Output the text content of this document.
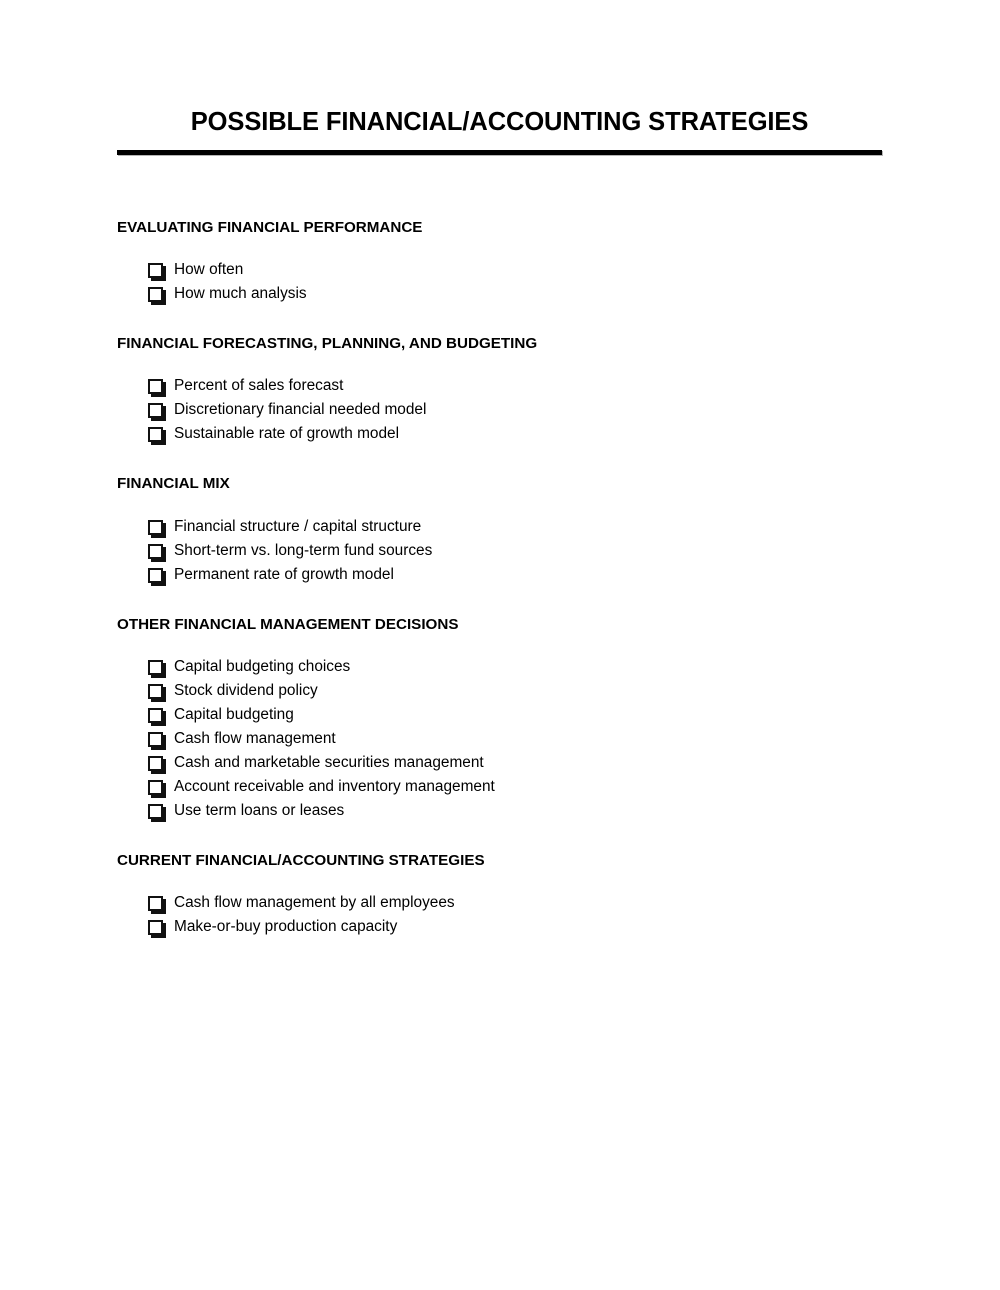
POSSIBLE FINANCIAL/ACCOUNTING STRATEGIES
EVALUATING FINANCIAL PERFORMANCE
How often
How much analysis
FINANCIAL FORECASTING, PLANNING, AND BUDGETING
Percent of sales forecast
Discretionary financial needed model
Sustainable rate of growth model
FINANCIAL MIX
Financial structure / capital structure
Short-term vs. long-term fund sources
Permanent rate of growth model
OTHER FINANCIAL MANAGEMENT DECISIONS
Capital budgeting choices
Stock dividend policy
Capital budgeting
Cash flow management
Cash and marketable securities management
Account receivable and inventory management
Use term loans or leases
CURRENT FINANCIAL/ACCOUNTING STRATEGIES
Cash flow management by all employees
Make-or-buy production capacity
